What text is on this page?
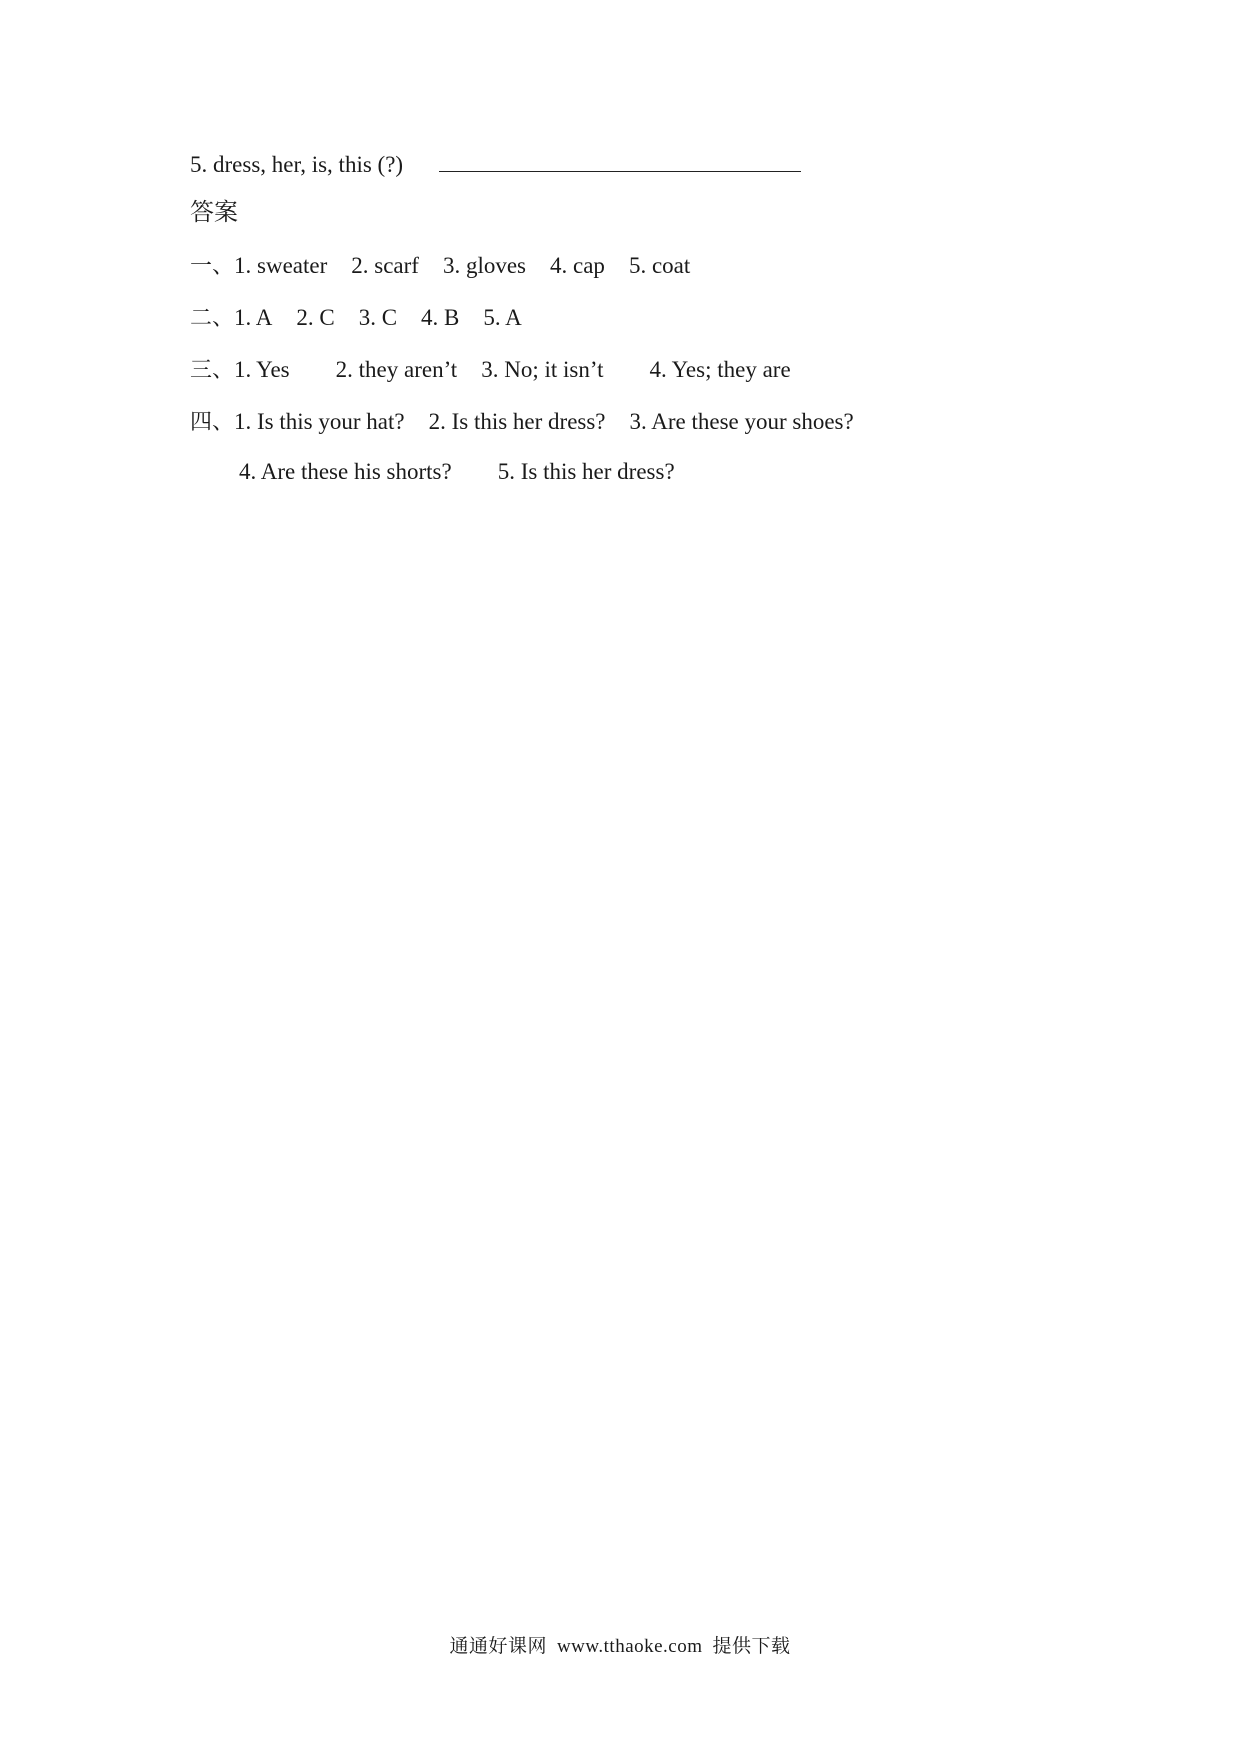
5. dress, her, is, this (?)
答案
一、1. sweater 2. scarf 3. gloves 4. cap 5. coat
二、1. A 2. C 3. C 4. B 5. A
三、1. Yes 2. they aren’t 3. No; it isn’t 4. Yes; they are
四、1. Is this your hat? 2. Is this her dress? 3. Are these your shoes?
4. Are these his shorts? 5. Is this her dress?
通通好课网 www.tthaoke.com 提供下载
